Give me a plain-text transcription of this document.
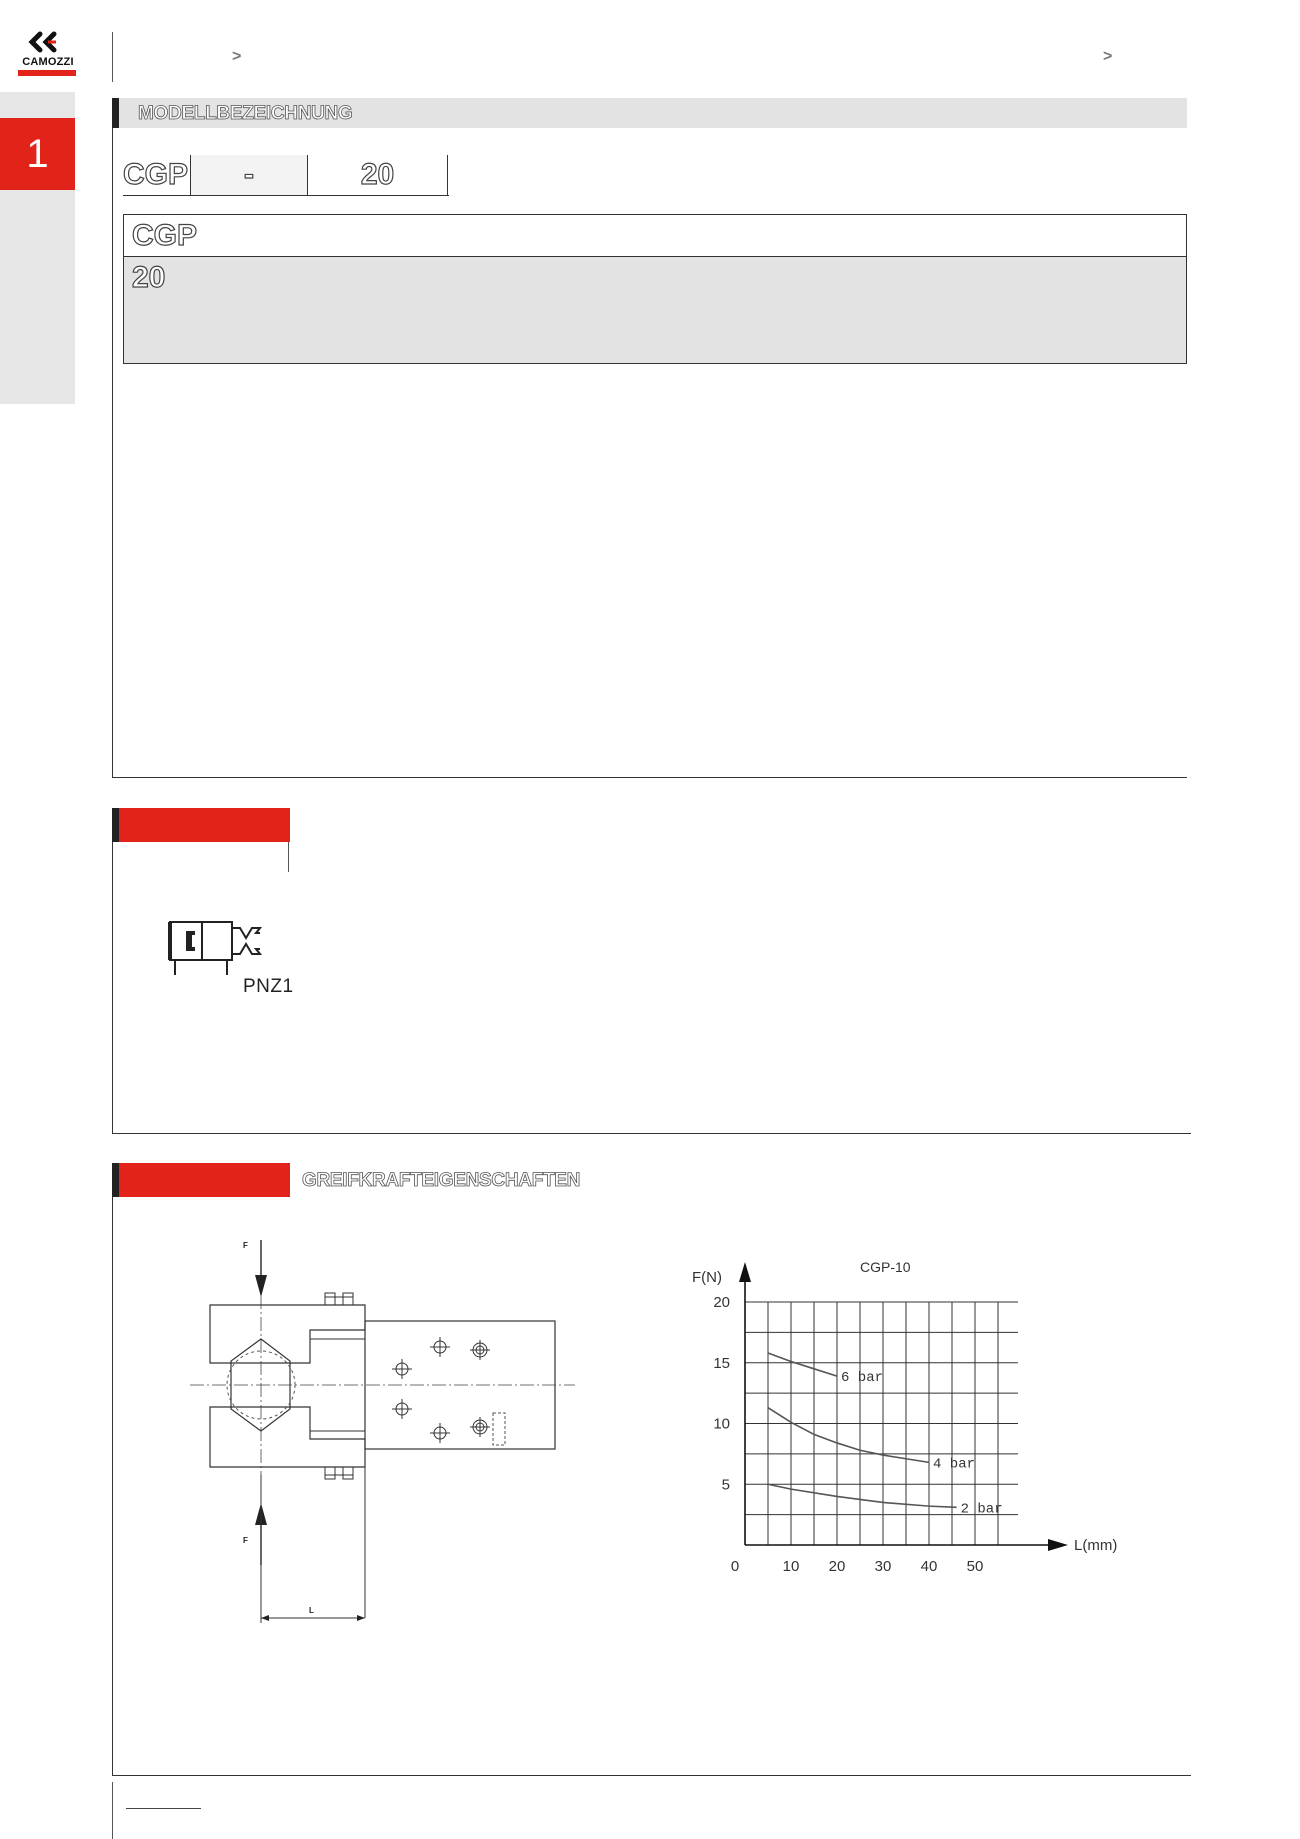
CAMOZZI
1
>	>
MODELLBEZEICHNUNG
CGP	-	20
CGP
20
PNZ1
GREIFKRAFTEIGENSCHAFTEN
F
F
L
CGP-10
F(N)
L(mm)
0	10 20 30 40 50
5
10
15
20
6 bar
4 bar
2 bar
